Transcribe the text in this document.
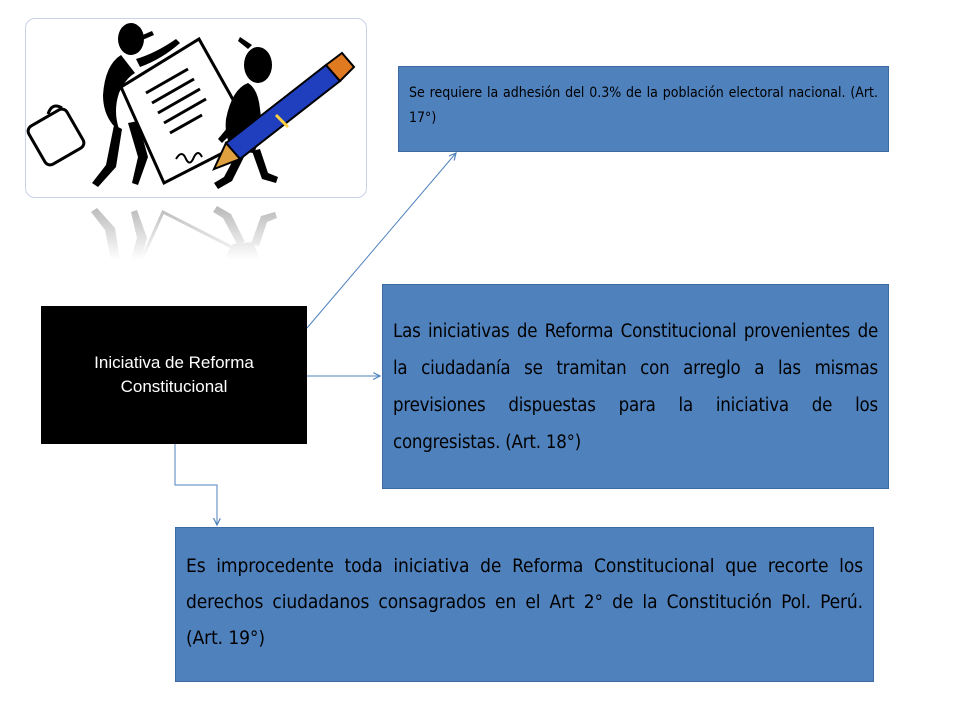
Iniciativa de Reforma
Constitucional
Se requiere la adhesión del 0.3% de la población electoral nacional. (Art. 17°)
Las iniciativas de Reforma Constitucional provenientes de la ciudadanía se tramitan con arreglo a las mismas previsiones dispuestas para la iniciativa de los congresistas. (Art. 18°)
Es improcedente toda iniciativa de Reforma Constitucional que recorte los derechos ciudadanos consagrados en el Art 2° de la Constitución Pol. Perú. (Art. 19°)
